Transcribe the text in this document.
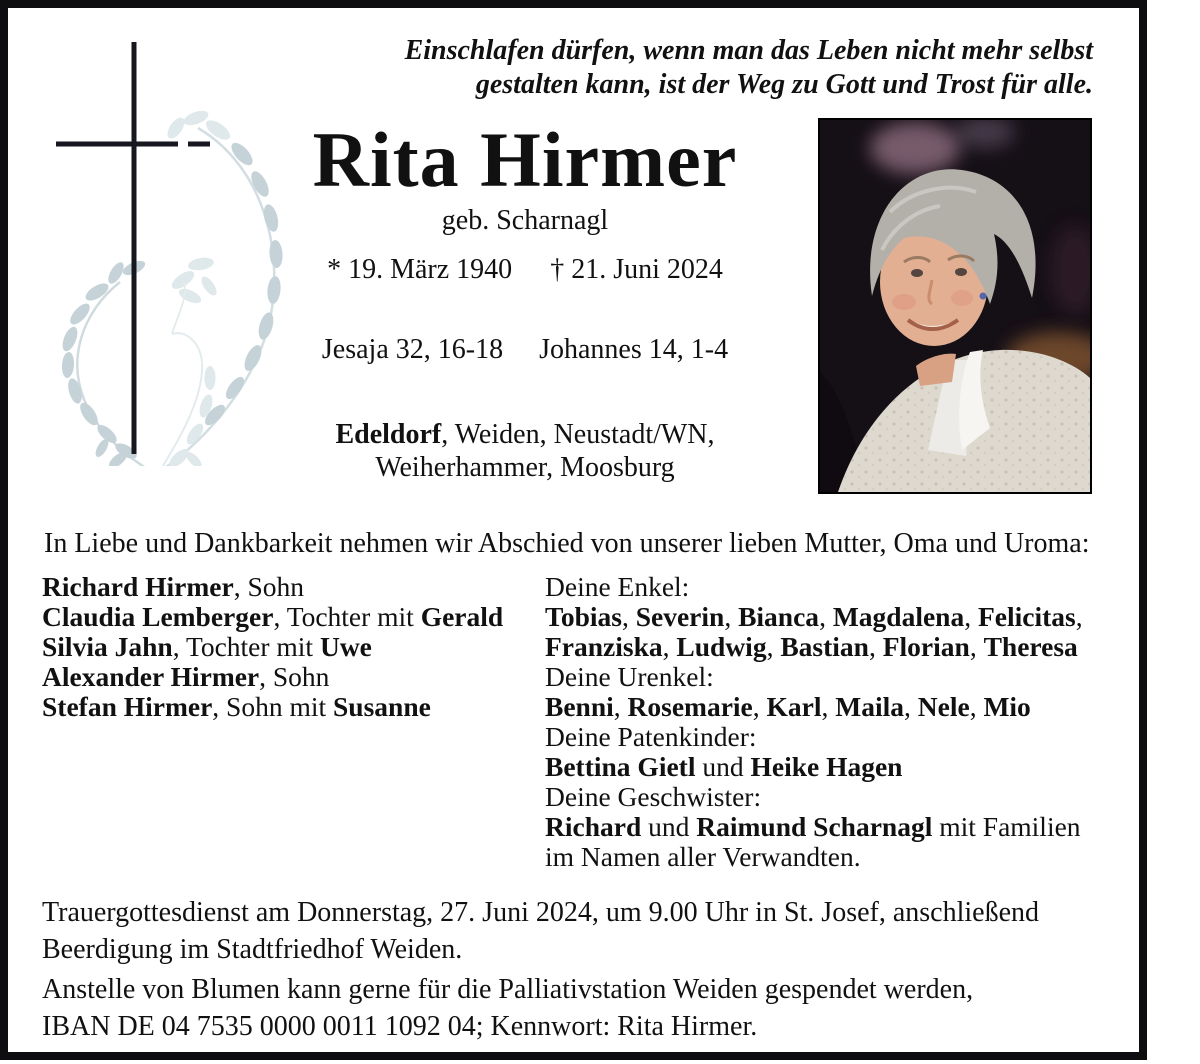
Einschlafen dürfen, wenn man das Leben nicht mehr selbst
gestalten kann, ist der Weg zu Gott und Trost für alle.
Rita Hirmer
geb. Scharnagl
* 19. März 1940 † 21. Juni 2024
Jesaja 32, 16-18 Johannes 14, 1-4
Edeldorf, Weiden, Neustadt/WN,
Weiherhammer, Moosburg
In Liebe und Dankbarkeit nehmen wir Abschied von unserer lieben Mutter, Oma und Uroma:
Richard Hirmer, Sohn
Claudia Lemberger, Tochter mit Gerald
Silvia Jahn, Tochter mit Uwe
Alexander Hirmer, Sohn
Stefan Hirmer, Sohn mit Susanne
Deine Enkel:
Tobias, Severin, Bianca, Magdalena, Felicitas,
Franziska, Ludwig, Bastian, Florian, Theresa
Deine Urenkel:
Benni, Rosemarie, Karl, Maila, Nele, Mio
Deine Patenkinder:
Bettina Gietl und Heike Hagen
Deine Geschwister:
Richard und Raimund Scharnagl mit Familien
im Namen aller Verwandten.
Trauergottesdienst am Donnerstag, 27. Juni 2024, um 9.00 Uhr in St. Josef, anschließend
Beerdigung im Stadtfriedhof Weiden.
Anstelle von Blumen kann gerne für die Palliativstation Weiden gespendet werden,
IBAN DE 04 7535 0000 0011 1092 04; Kennwort: Rita Hirmer.
